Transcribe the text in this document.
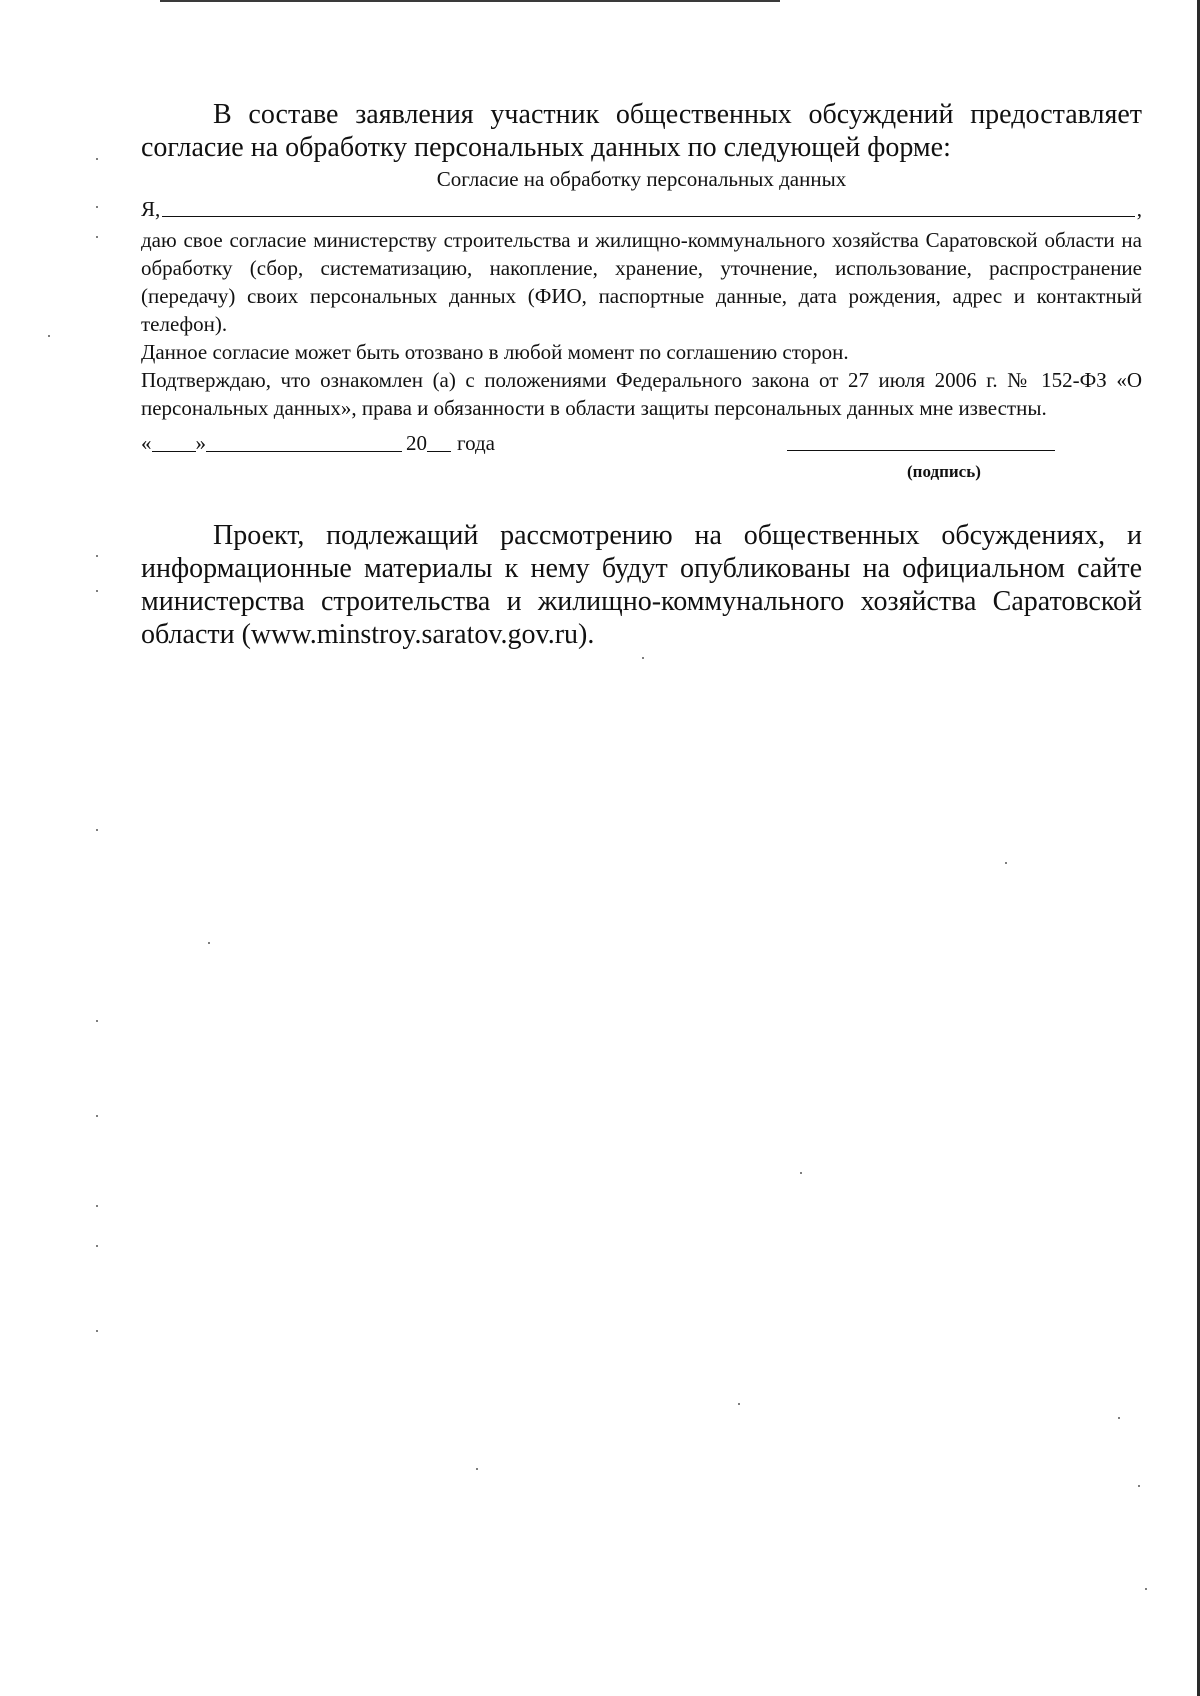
В составе заявления участник общественных обсуждений предоставляет согласие на обработку персональных данных по следующей форме:

Согласие на обработку персональных данных
Я,	,

даю свое согласие министерству строительства и жилищно-коммунального хозяйства Саратовской области на обработку (сбор, систематизацию, накопление, хранение, уточнение, использование, распространение (передачу) своих персональных данных (ФИО, паспортные данные, дата рождения, адрес и контактный телефон).

Данное согласие может быть отозвано в любой момент по соглашению сторон.

Подтверждаю, что ознакомлен (а) с положениями Федерального закона от 27 июля 2006 г. № 152-ФЗ «О персональных данных», права и обязанности в области защиты персональных данных мне известны.

« »	20 года
(подпись)

Проект, подлежащий рассмотрению на общественных обсуждениях, и информационные материалы к нему будут опубликованы на официальном сайте министерства строительства и жилищно-коммунального хозяйства Саратовской области (www.minstroy.saratov.gov.ru).
